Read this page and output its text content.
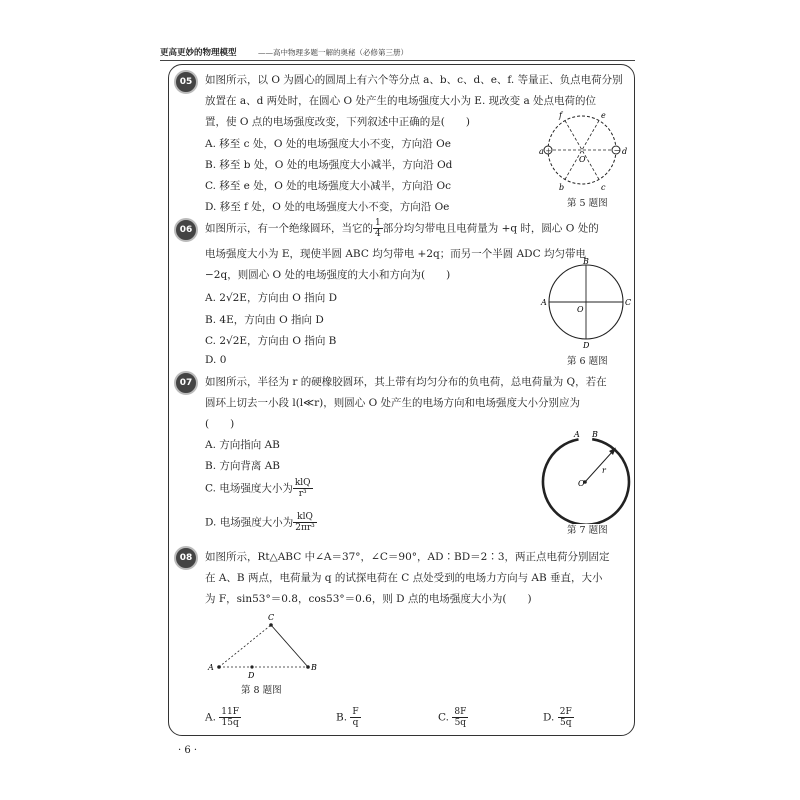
更高更妙的物理模型	——高中物理多题一解的奥秘（必修第三册）
05	如图所示，以 O 为圆心的圆周上有六个等分点 a、b、c、d、e、f. 等量正、负点电荷分别
放置在 a、d 两处时，在圆心 O 处产生的电场强度大小为 E. 现改变 a 处点电荷的位
置，使 O 点的电场强度改变，下列叙述中正确的是(　　)
A. 移至 c 处，O 处的电场强度大小不变，方向沿 Oe
B. 移至 b 处，O 处的电场强度大小减半，方向沿 Od
C. 移至 e 处，O 处的电场强度大小减半，方向沿 Oc
D. 移至 f 处，O 处的电场强度大小不变，方向沿 Oe
+	−
a	d
f	e
b	c
O
第 5 题图
06	如图所示，有一个绝缘圆环，当它的 $\frac{1}{4}$ 部分均匀带电且电荷量为 +q 时，圆心 O 处的
电场强度大小为 E，现使半圆 ABC 均匀带电 +2q；而另一个半圆 ADC 均匀带电
−2q，则圆心 O 处的电场强度的大小和方向为(　　)
A. 2√2E，方向由 O 指向 D
B. 4E，方向由 O 指向 D
C. 2√2E，方向由 O 指向 B
D. 0
B
A	C
D
O
第 6 题图
07	如图所示，半径为 r 的硬橡胶圆环，其上带有均匀分布的负电荷，总电荷量为 Q，若在
圆环上切去一小段 l(l≪r)，则圆心 O 处产生的电场方向和电场强度大小分别应为
(　　)
A. 方向指向 AB
B. 方向背离 AB
C. 电场强度大小为 $\frac{\text{klQ}}{\text{r³}}$
D. 电场强度大小为 $\frac{\text{klQ}}{\text{2πr³}}$
A B
O
r
第 7 题图
08	如图所示，Rt△ABC 中∠A＝37°，∠C＝90°，AD∶BD＝2∶3，两正点电荷分别固定
在 A、B 两点，电荷量为 q 的试探电荷在 C 点处受到的电场力方向与 AB 垂直，大小
为 F，sin53°＝0.8，cos53°＝0.6，则 D 点的电场强度大小为(　　)
A	B
C
D
第 8 题图
A. $\frac{11F}{15q}$	B. $\frac{F}{q}$	C. $\frac{8F}{5q}$	D. $\frac{2F}{5q}$
· 6 ·
